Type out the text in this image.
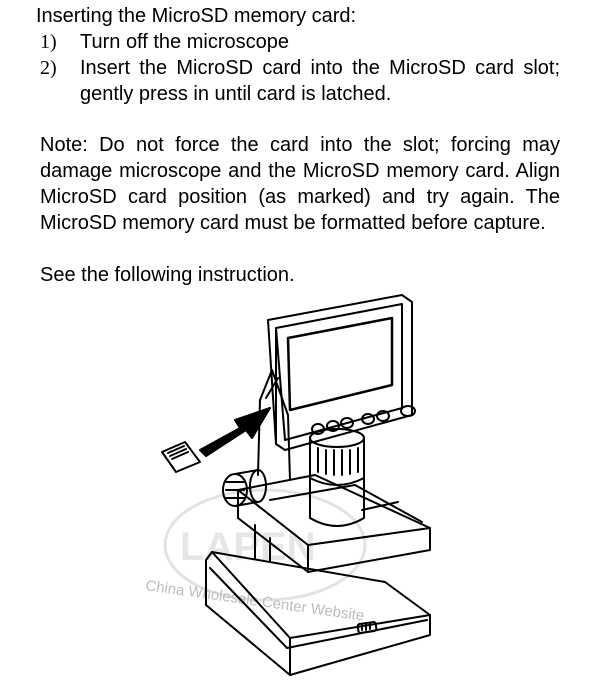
Inserting the MicroSD memory card:
1)	Turn off the microscope
2)	Insert the MicroSD card into the MicroSD card slot; gently press in until card is latched.

Note: Do not force the card into the slot; forcing may damage microscope and the MicroSD memory card. Align MicroSD card position (as marked) and try again. The MicroSD memory card must be formatted before capture.

See the following instruction.
LAPEN
China Wholesale Center Website
